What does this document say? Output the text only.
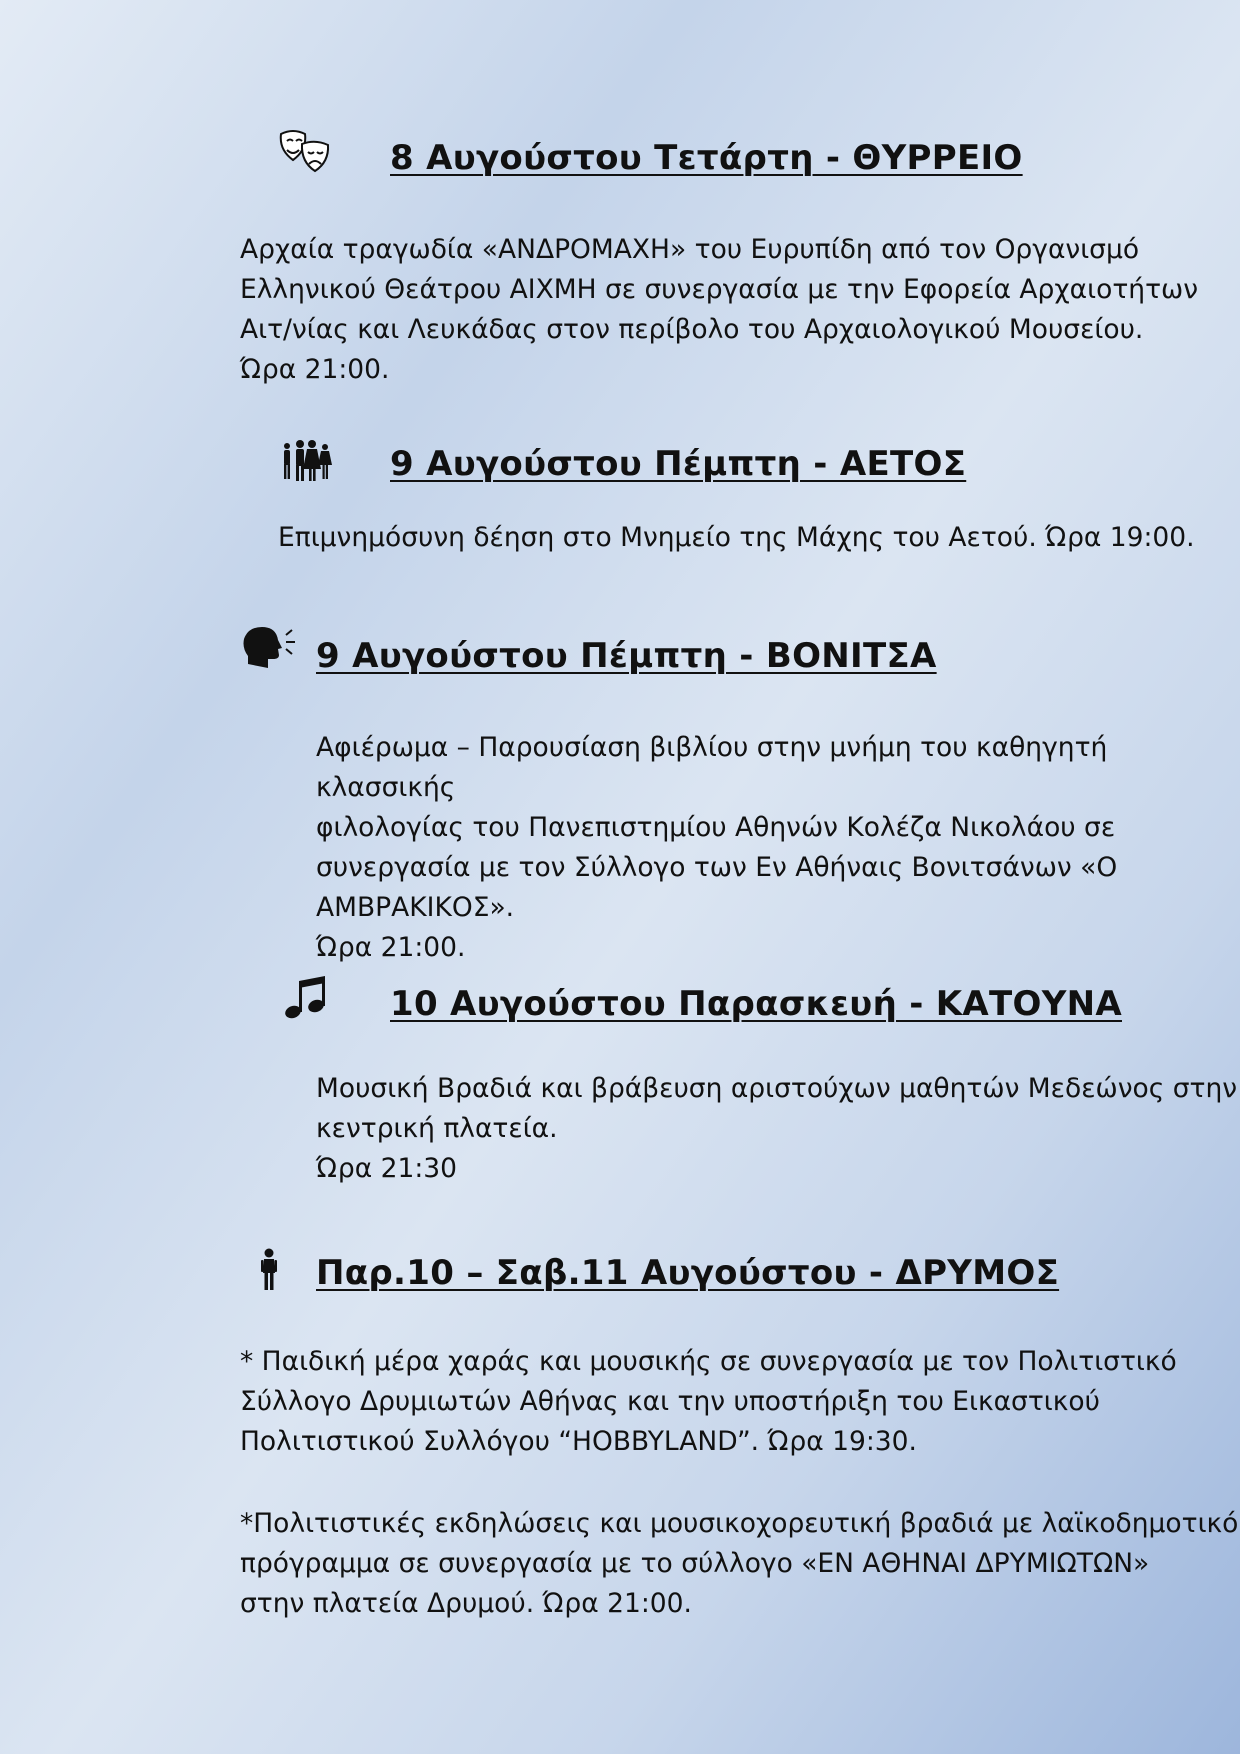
8 Αυγούστου Τετάρτη - ΘΥΡΡΕΙΟ
Αρχαία τραγωδία «ΑΝΔΡΟΜΑΧΗ» του Ευρυπίδη από τον Οργανισμό
Ελληνικού Θεάτρου ΑΙΧΜΗ σε συνεργασία με την Εφορεία Αρχαιοτήτων
Αιτ/νίας και Λευκάδας στον περίβολο του Αρχαιολογικού Μουσείου.
Ώρα 21:00.
9 Αυγούστου Πέμπτη - ΑΕΤΟΣ
Επιμνημόσυνη δέηση στο Μνημείο της Μάχης του Αετού. Ώρα 19:00.
9 Αυγούστου Πέμπτη - ΒΟΝΙΤΣΑ
Αφιέρωμα – Παρουσίαση βιβλίου στην μνήμη του καθηγητή κλασσικής
φιλολογίας του Πανεπιστημίου Αθηνών Κολέζα Νικολάου σε
συνεργασία με τον Σύλλογο των Εν Αθήναις Βονιτσάνων «Ο
ΑΜΒΡΑΚΙΚΟΣ».
Ώρα 21:00.
10 Αυγούστου Παρασκευή - ΚΑΤΟΥΝΑ
Μουσική Βραδιά και βράβευση αριστούχων μαθητών Μεδεώνος στην
κεντρική πλατεία.
Ώρα 21:30
Παρ.10 – Σαβ.11 Αυγούστου - ΔΡΥΜΟΣ
* Παιδική μέρα χαράς και μουσικής σε συνεργασία με τον Πολιτιστικό
Σύλλογο Δρυμιωτών Αθήνας και την υποστήριξη του Εικαστικού
Πολιτιστικού Συλλόγου “HOBBYLAND”. Ώρα 19:30.
*Πολιτιστικές εκδηλώσεις και μουσικοχορευτική βραδιά με λαϊκοδημοτικό
πρόγραμμα σε συνεργασία με το σύλλογο «ΕΝ ΑΘΗΝΑΙ ΔΡΥΜΙΩΤΩΝ»
στην πλατεία Δρυμού. Ώρα 21:00.
